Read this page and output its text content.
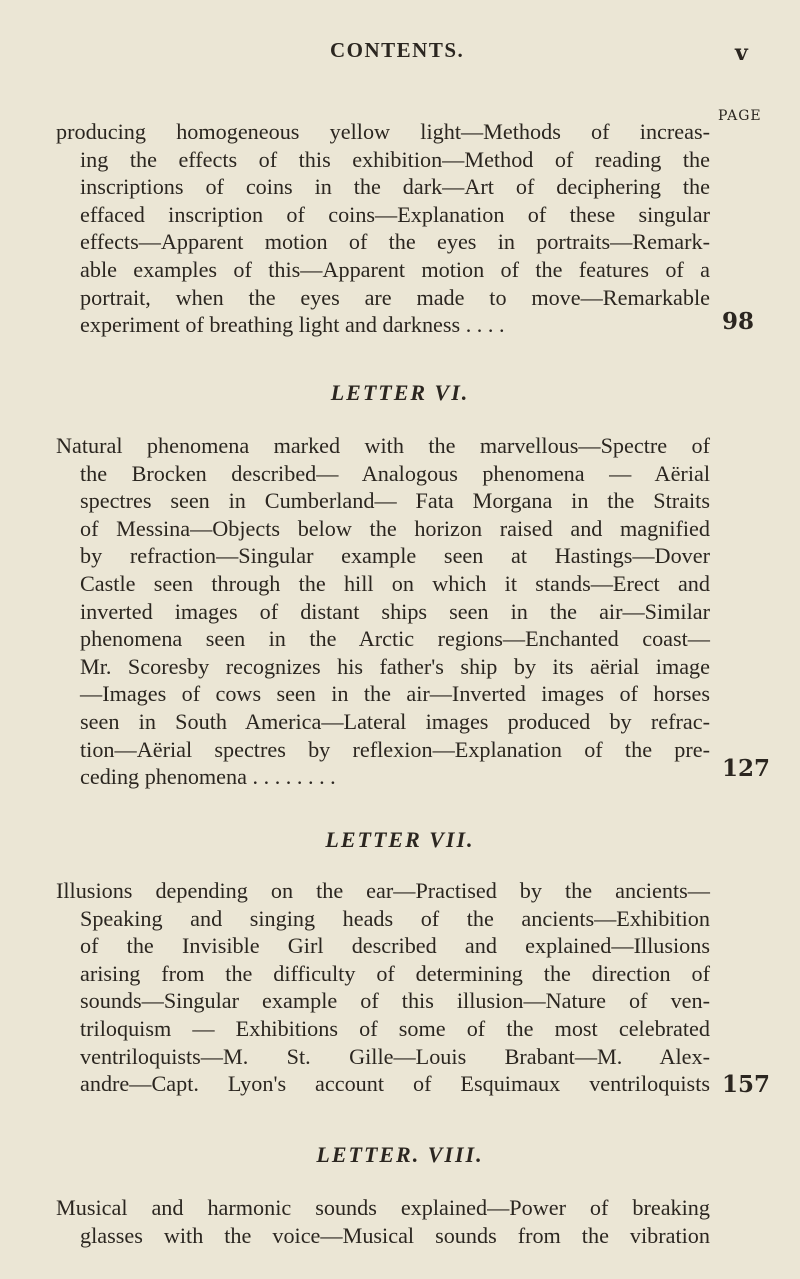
CONTENTS.	v
PAGE
producing homogeneous yellow light—Methods of increas-
ing the effects of this exhibition—Method of reading the
inscriptions of coins in the dark—Art of deciphering the
effaced inscription of coins—Explanation of these singular
effects—Apparent motion of the eyes in portraits—Remark-
able examples of this—Apparent motion of the features of a
portrait, when the eyes are made to move—Remarkable
experiment of breathing light and darkness . . . .	98
LETTER VI.
Natural phenomena marked with the marvellous—Spectre of
the Brocken described— Analogous phenomena — Aërial
spectres seen in Cumberland— Fata Morgana in the Straits
of Messina—Objects below the horizon raised and magnified
by refraction—Singular example seen at Hastings—Dover
Castle seen through the hill on which it stands—Erect and
inverted images of distant ships seen in the air—Similar
phenomena seen in the Arctic regions—Enchanted coast—
Mr. Scoresby recognizes his father's ship by its aërial image
—Images of cows seen in the air—Inverted images of horses
seen in South America—Lateral images produced by refrac-
tion—Aërial spectres by reflexion—Explanation of the pre-
ceding phenomena . . . . . . . .	127
LETTER VII.
Illusions depending on the ear—Practised by the ancients—
Speaking and singing heads of the ancients—Exhibition
of the Invisible Girl described and explained—Illusions
arising from the difficulty of determining the direction of
sounds—Singular example of this illusion—Nature of ven-
triloquism — Exhibitions of some of the most celebrated
ventriloquists—M. St. Gille—Louis Brabant—M. Alex-
andre—Capt. Lyon's account of Esquimaux ventriloquists 157
LETTER. VIII.
Musical and harmonic sounds explained—Power of breaking
glasses with the voice—Musical sounds from the vibration
